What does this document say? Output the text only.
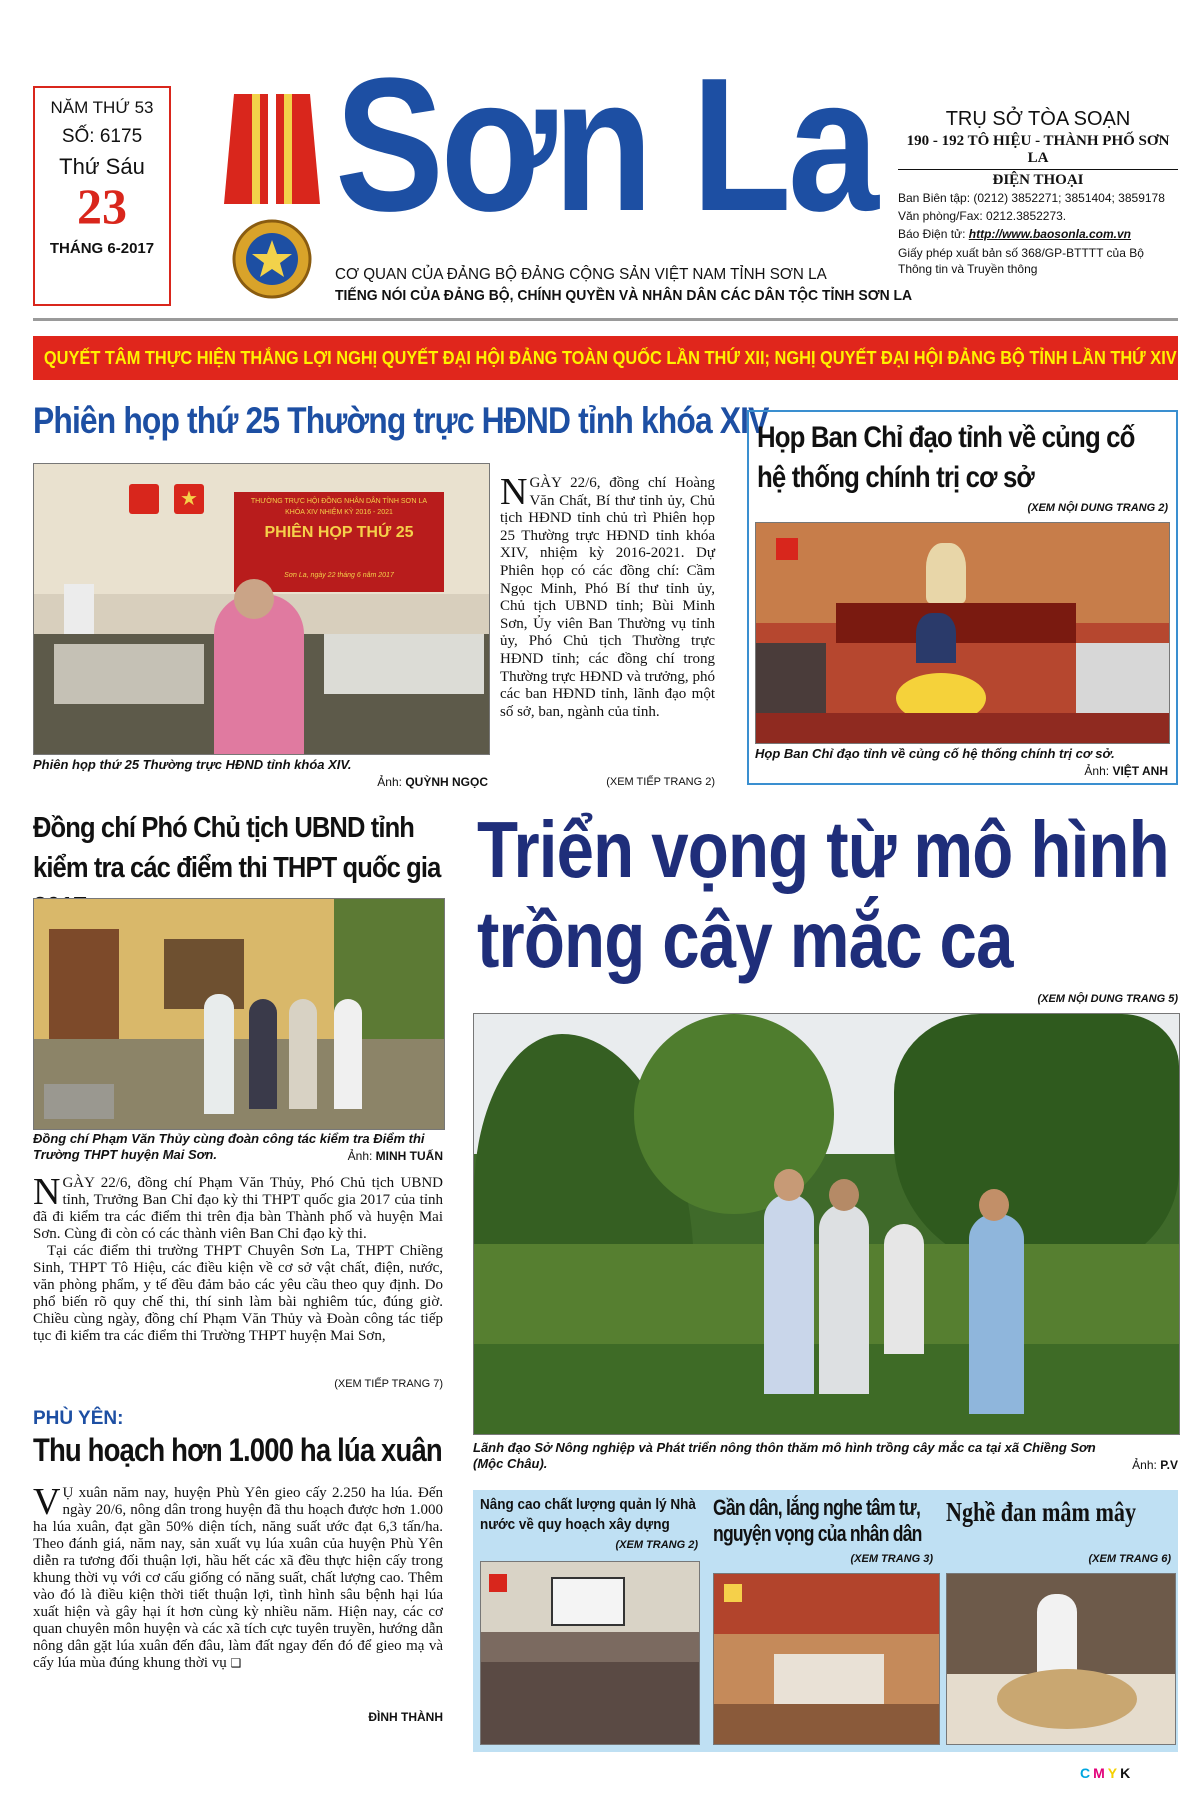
NĂM THỨ 53
SỐ: 6175
Thứ Sáu
23
THÁNG 6-2017 Sơn La
CƠ QUAN CỦA ĐẢNG BỘ ĐẢNG CỘNG SẢN VIỆT NAM TỈNH SƠN LA
TIẾNG NÓI CỦA ĐẢNG BỘ, CHÍNH QUYỀN VÀ NHÂN DÂN CÁC DÂN TỘC TỈNH SƠN LA
TRỤ SỞ TÒA SOẠN
190 - 192 TÔ HIỆU - THÀNH PHỐ SƠN LA
ĐIỆN THOẠI
Ban Biên tập: (0212) 3852271; 3851404; 3859178
Văn phòng/Fax: 0212.3852273.
Báo Điện tử: http://www.baosonla.com.vn
Giấy phép xuất bản số 368/GP-BTTTT của Bộ Thông tin và Truyền thông
QUYẾT TÂM THỰC HIỆN THẮNG LỢI NGHỊ QUYẾT ĐẠI HỘI ĐẢNG TOÀN QUỐC LẦN THỨ XII; NGHỊ QUYẾT ĐẠI HỘI ĐẢNG BỘ TỈNH LẦN THỨ XIV
Phiên họp thứ 25 Thường trực HĐND tỉnh khóa XIV
THƯỜNG TRỰC HỘI ĐỒNG NHÂN DÂN TỈNH SƠN LA
KHÓA XIV NHIỆM KỲ 2016 - 2021
PHIÊN HỌP THỨ 25
Sơn La, ngày 22 tháng 6 năm 2017
★
Phiên họp thứ 25 Thường trực HĐND tỉnh khóa XIV.
Ảnh: QUỲNH NGỌC
NGÀY 22/6, đồng chí Hoàng Văn Chất, Bí thư tỉnh ủy, Chủ tịch HĐND tỉnh chủ trì Phiên họp 25 Thường trực HĐND tỉnh khóa XIV, nhiệm kỳ 2016-2021. Dự Phiên họp có các đồng chí: Cầm Ngọc Minh, Phó Bí thư tỉnh ủy, Chủ tịch UBND tỉnh; Bùi Minh Sơn, Ủy viên Ban Thường vụ tỉnh ủy, Phó Chủ tịch Thường trực HĐND tỉnh; các đồng chí trong Thường trực HĐND và trưởng, phó các ban HĐND tỉnh, lãnh đạo một số sở, ban, ngành của tỉnh.
(XEM TIẾP TRANG 2)
Họp Ban Chỉ đạo tỉnh về củng cố hệ thống chính trị cơ sở
(XEM NỘI DUNG TRANG 2)
Họp Ban Chỉ đạo tỉnh về củng cố hệ thống chính trị cơ sở.
Ảnh: VIỆT ANH
Đồng chí Phó Chủ tịch UBND tỉnh kiểm tra các điểm thi THPT quốc gia
Đồng chí Phạm Văn Thủy cùng đoàn công tác kiểm tra Điểm thi Trường THPT huyện Mai Sơn.	Ảnh: MINH TUẤN

NGÀY 22/6, đồng chí Phạm Văn Thủy, Phó Chủ tịch UBND tỉnh, Trưởng Ban Chỉ đạo kỳ thi THPT quốc gia 2017 của tỉnh đã đi kiểm tra các điểm thi trên địa bàn Thành phố và huyện Mai Sơn. Cùng đi còn có các thành viên Ban Chỉ đạo kỳ thi.

Tại các điểm thi trường THPT Chuyên Sơn La, THPT Chiềng Sinh, THPT Tô Hiệu, các điều kiện về cơ sở vật chất, điện, nước, văn phòng phẩm, y tế đều đảm bảo các yêu cầu theo quy định. Do phổ biến rõ quy chế thi, thí sinh làm bài nghiêm túc, đúng giờ. Chiều cùng ngày, đồng chí Phạm Văn Thủy và Đoàn công tác tiếp tục đi kiểm tra các điểm thi Trường THPT huyện Mai Sơn,

(XEM TIẾP TRANG 7)
PHÙ YÊN:
Thu hoạch hơn 1.000 ha lúa xuân
V Ụ xuân năm nay, huyện Phù Yên gieo cấy 2.250 ha lúa. Đến ngày 20/6, nông dân trong huyện đã thu hoạch được hơn 1.000 ha lúa xuân, đạt gần 50% diện tích, năng suất ước đạt 6,3 tấn/ha. Theo đánh giá, năm nay, sản xuất vụ lúa xuân của huyện Phù Yên diễn ra tương đối thuận lợi, hầu hết các xã đều thực hiện cấy trong khung thời vụ với cơ cấu giống có năng suất, chất lượng cao. Thêm vào đó là điều kiện thời tiết thuận lợi, tình hình sâu bệnh hại lúa xuất hiện và gây hại ít hơn cùng kỳ nhiều năm. Hiện nay, các cơ quan chuyên môn huyện và các xã tích cực tuyên truyền, hướng dẫn nông dân gặt lúa xuân đến đâu, làm đất ngay đến đó để gieo mạ và cấy lúa mùa đúng khung thời vụ ❑
ĐÌNH THÀNH
Triển vọng từ mô hình
trồng cây mắc ca
(XEM NỘI DUNG TRANG 5)
Lãnh đạo Sở Nông nghiệp và Phát triển nông thôn thăm mô hình trồng cây mắc ca tại xã Chiềng Sơn (Mộc Châu).	Ảnh: P.V
Nâng cao chất lượng quản lý Nhà nước về quy hoạch xây dựng
(XEM TRANG 2)
Gần dân, lắng nghe tâm tư, nguyện vọng của nhân dân
(XEM TRANG 3)
Nghề đan mâm mây
(XEM TRANG 6)
CMYK
